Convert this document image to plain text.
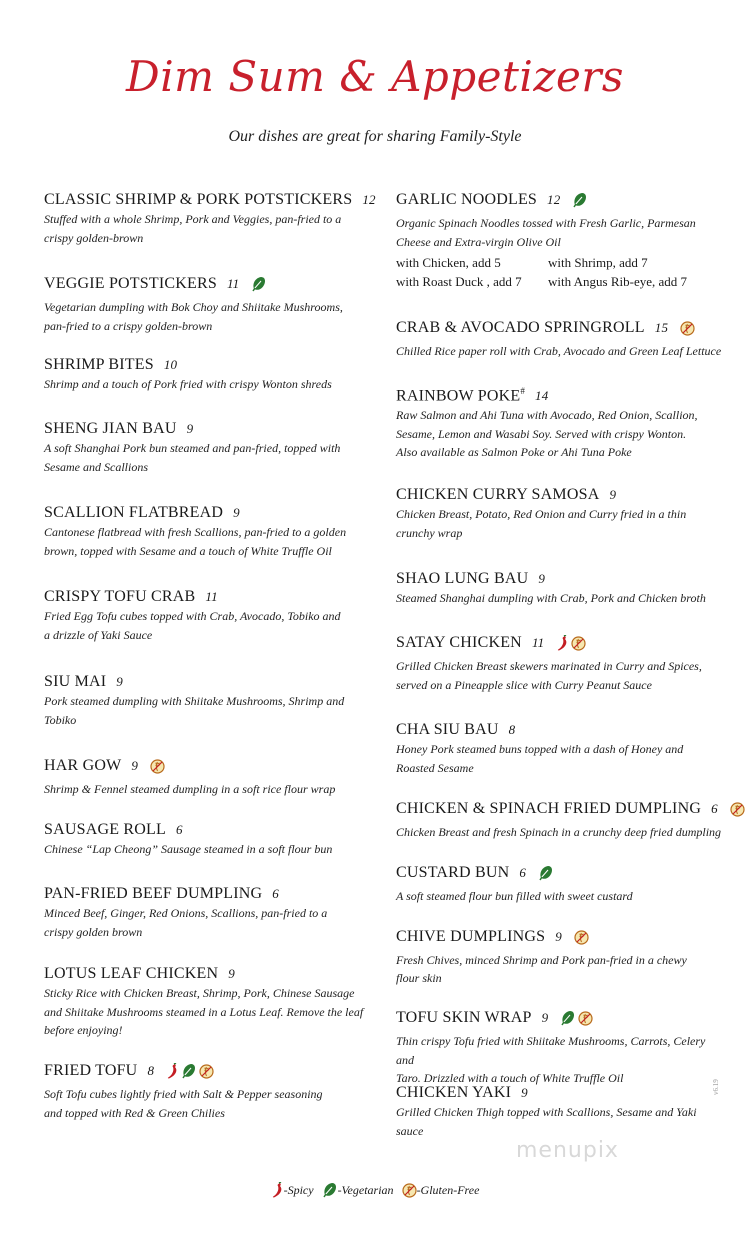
Dim Sum & Appetizers
Our dishes are great for sharing Family-Style
CLASSIC SHRIMP & PORK POTSTICKERS 12
Stuffed with a whole Shrimp, Pork and Veggies, pan-fried to a
crispy golden-brown
VEGGIE POTSTICKERS 11
Vegetarian dumpling with Bok Choy and Shiitake Mushrooms,
pan-fried to a crispy golden-brown
SHRIMP BITES 10
Shrimp and a touch of Pork fried with crispy Wonton shreds
SHENG JIAN BAU 9
A soft Shanghai Pork bun steamed and pan-fried, topped with
Sesame and Scallions
SCALLION FLATBREAD 9
Cantonese flatbread with fresh Scallions, pan-fried to a golden
brown, topped with Sesame and a touch of White Truffle Oil
CRISPY TOFU CRAB 11
Fried Egg Tofu cubes topped with Crab, Avocado, Tobiko and
a drizzle of Yaki Sauce
SIU MAI 9
Pork steamed dumpling with Shiitake Mushrooms, Shrimp and
Tobiko
HAR GOW 9
Shrimp & Fennel steamed dumpling in a soft rice flour wrap
SAUSAGE ROLL 6
Chinese “Lap Cheong” Sausage steamed in a soft flour bun
PAN-FRIED BEEF DUMPLING 6
Minced Beef, Ginger, Red Onions, Scallions, pan-fried to a
crispy golden brown
LOTUS LEAF CHICKEN 9
Sticky Rice with Chicken Breast, Shrimp, Pork, Chinese Sausage
and Shiitake Mushrooms steamed in a Lotus Leaf. Remove the leaf
before enjoying!
FRIED TOFU 8
Soft Tofu cubes lightly fried with Salt & Pepper seasoning
and topped with Red & Green Chilies
GARLIC NOODLES 12
Organic Spinach Noodles tossed with Fresh Garlic, Parmesan
Cheese and Extra-virgin Olive Oil
with Chicken, add 5	with Shrimp, add 7
with Roast Duck , add 7	with Angus Rib-eye, add 7
CRAB & AVOCADO SPRINGROLL 15
Chilled Rice paper roll with Crab, Avocado and Green Leaf Lettuce
RAINBOW POKE# 14
Raw Salmon and Ahi Tuna with Avocado, Red Onion, Scallion,
Sesame, Lemon and Wasabi Soy. Served with crispy Wonton.
Also available as Salmon Poke or Ahi Tuna Poke
CHICKEN CURRY SAMOSA 9
Chicken Breast, Potato, Red Onion and Curry fried in a thin
crunchy wrap
SHAO LUNG BAU 9
Steamed Shanghai dumpling with Crab, Pork and Chicken broth
SATAY CHICKEN 11
Grilled Chicken Breast skewers marinated in Curry and Spices,
served on a Pineapple slice with Curry Peanut Sauce
CHA SIU BAU 8
Honey Pork steamed buns topped with a dash of Honey and
Roasted Sesame
CHICKEN & SPINACH FRIED DUMPLING 6
Chicken Breast and fresh Spinach in a crunchy deep fried dumpling
CUSTARD BUN 6
A soft steamed flour bun filled with sweet custard
CHIVE DUMPLINGS 9
Fresh Chives, minced Shrimp and Pork pan-fried in a chewy
flour skin
TOFU SKIN WRAP 9
Thin crispy Tofu fried with Shiitake Mushrooms, Carrots, Celery and
Taro. Drizzled with a touch of White Truffle Oil
CHICKEN YAKI 9
Grilled Chicken Thigh topped with Scallions, Sesame and Yaki
sauce
-Spicy -Vegetarian -Gluten-Free
menupix
v6.19
